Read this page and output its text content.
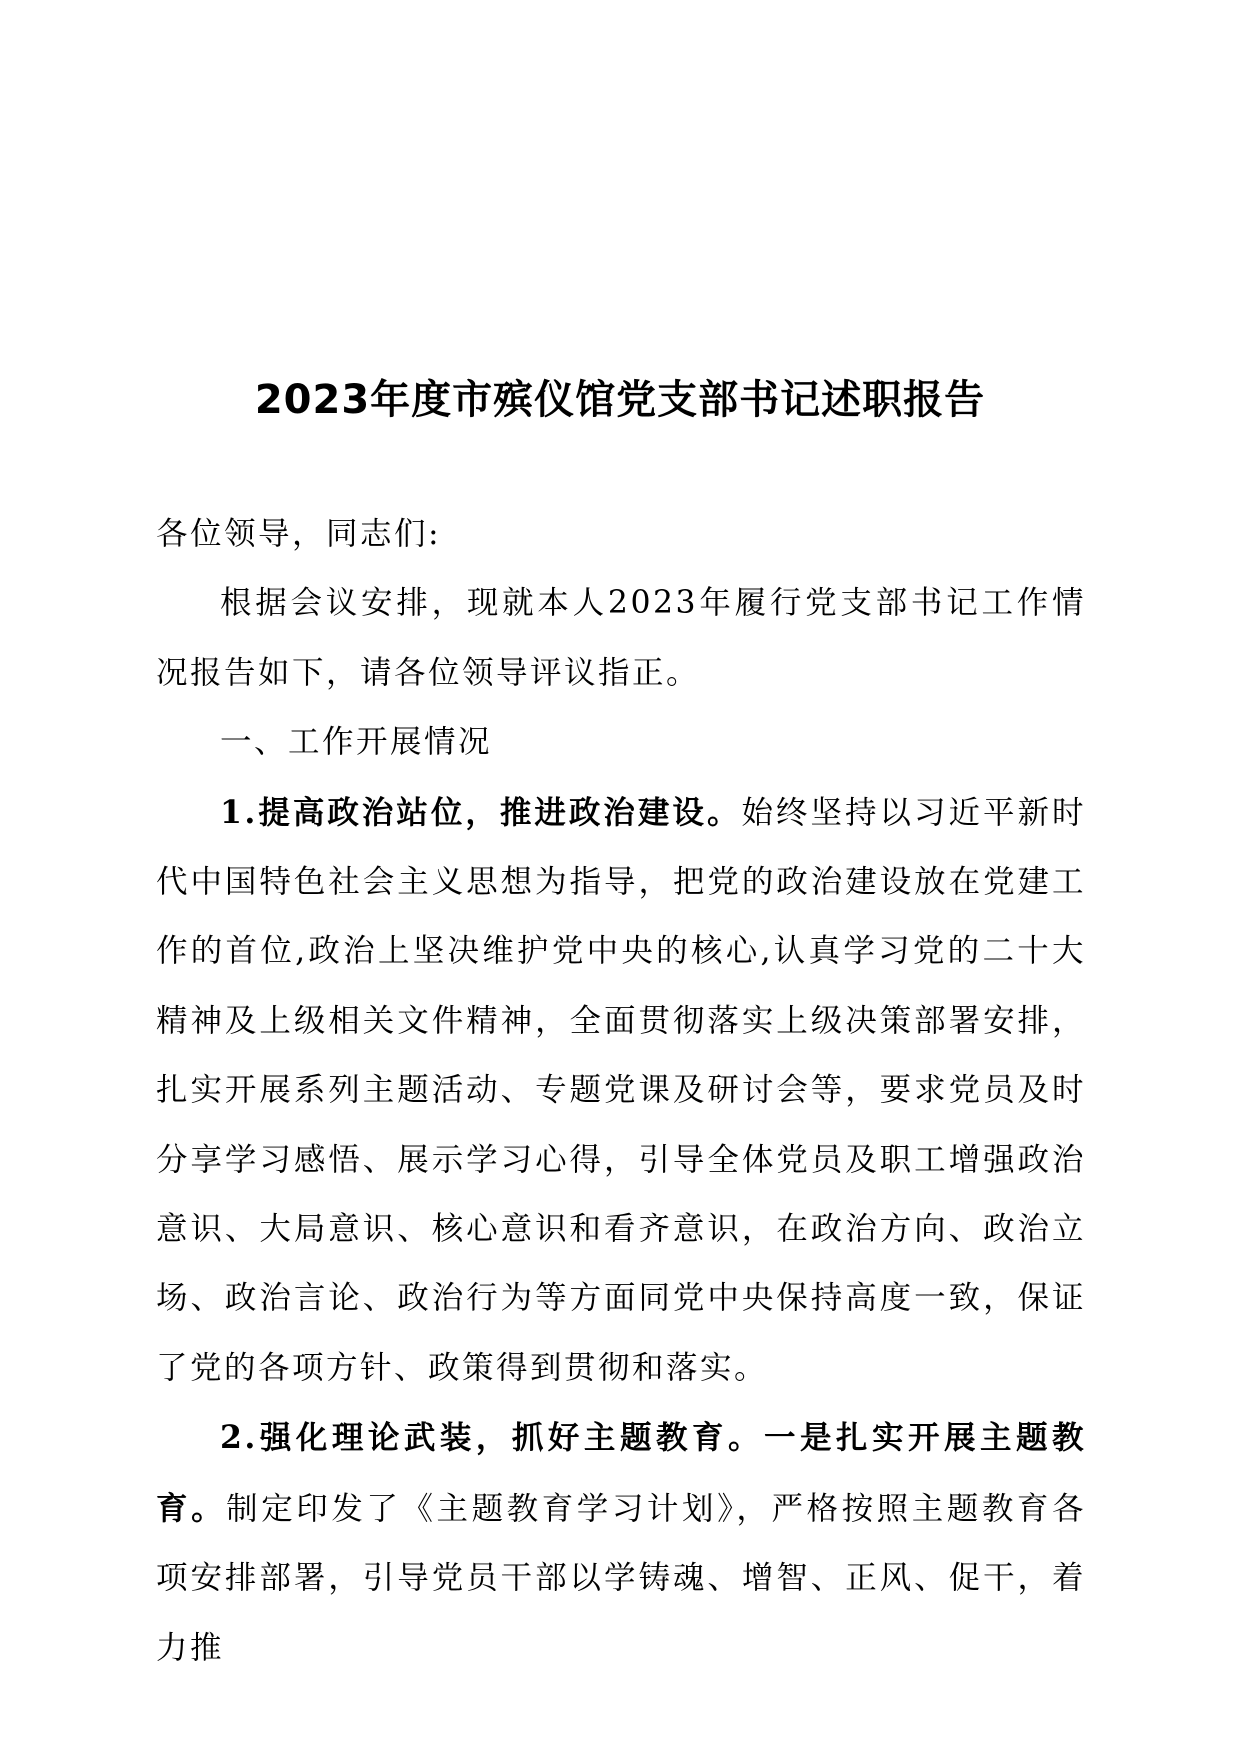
2023年度市殡仪馆党支部书记述职报告

各位领导，同志们:

根据会议安排，现就本人2023年履行党支部书记工作情况报告如下，请各位领导评议指正。

一、工作开展情况

1.提高政治站位，推进政治建设。始终坚持以习近平新时代中国特色社会主义思想为指导，把党的政治建设放在党建工作的首位,政治上坚决维护党中央的核心,认真学习党的二十大精神及上级相关文件精神，全面贯彻落实上级决策部署安排，扎实开展系列主题活动、专题党课及研讨会等，要求党员及时分享学习感悟、展示学习心得，引导全体党员及职工增强政治意识、大局意识、核心意识和看齐意识，在政治方向、政治立场、政治言论、政治行为等方面同党中央保持高度一致，保证了党的各项方针、政策得到贯彻和落实。

2.强化理论武装，抓好主题教育。一是扎实开展主题教育。制定印发了《主题教育学习计划》，严格按照主题教育各项安排部署，引导党员干部以学铸魂、增智、正风、促干，着力推
